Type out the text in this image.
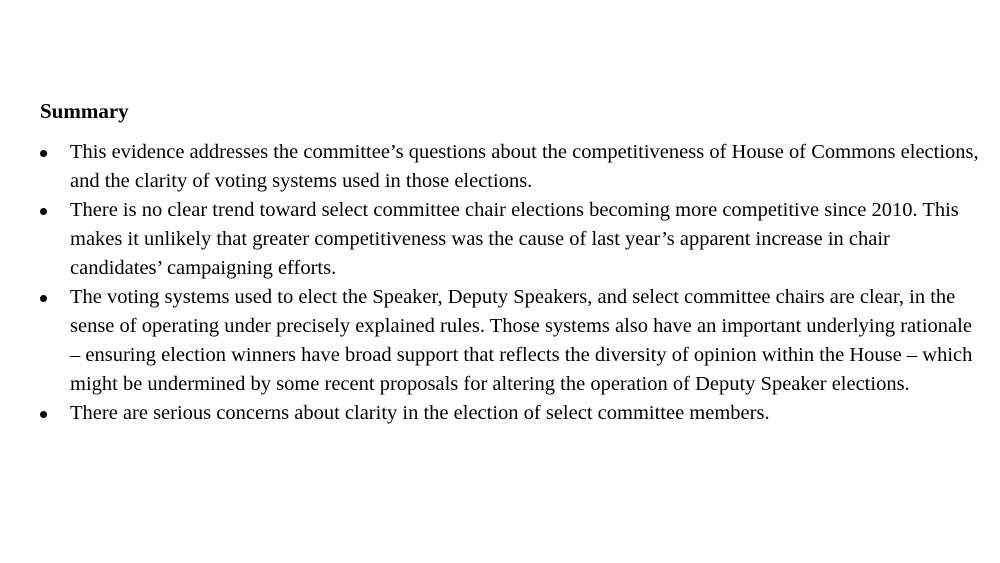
Summary
This evidence addresses the committee’s questions about the competitiveness of House of Commons elections, and the clarity of voting systems used in those elections.
There is no clear trend toward select committee chair elections becoming more competitive since 2010. This makes it unlikely that greater competitiveness was the cause of last year’s apparent increase in chair candidates’ campaigning efforts.
The voting systems used to elect the Speaker, Deputy Speakers, and select committee chairs are clear, in the sense of operating under precisely explained rules. Those systems also have an important underlying rationale – ensuring election winners have broad support that reflects the diversity of opinion within the House – which might be undermined by some recent proposals for altering the operation of Deputy Speaker elections.
There are serious concerns about clarity in the election of select committee members.
